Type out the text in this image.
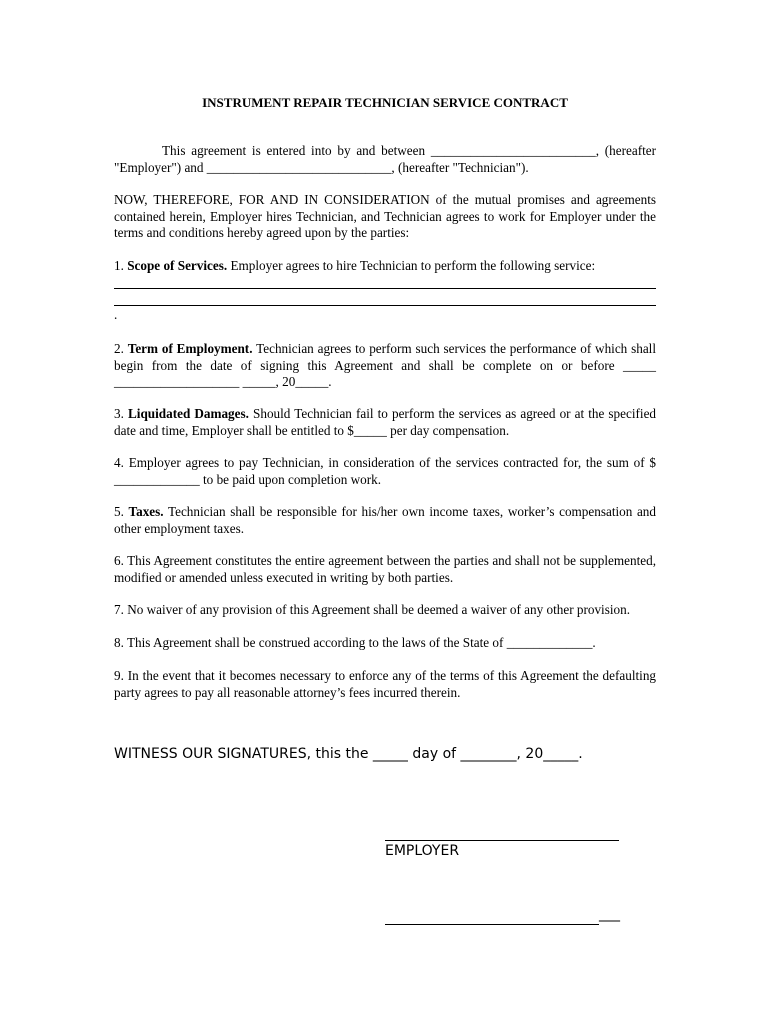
INSTRUMENT REPAIR TECHNICIAN SERVICE CONTRACT

This agreement is entered into by and between _________________________, (hereafter "Employer") and ____________________________, (hereafter "Technician").

NOW, THEREFORE, FOR AND IN CONSIDERATION of the mutual promises and agreements contained herein, Employer hires Technician, and Technician agrees to work for Employer under the terms and conditions hereby agreed upon by the parties:

1. Scope of Services. Employer agrees to hire Technician to perform the following service:

.

2. Term of Employment. Technician agrees to perform such services the performance of which shall begin from the date of signing this Agreement and shall be complete on or before _____ ___________________ _____, 20_____.

3. Liquidated Damages. Should Technician fail to perform the services as agreed or at the specified date and time, Employer shall be entitled to $_____ per day compensation.

4. Employer agrees to pay Technician, in consideration of the services contracted for, the sum of $ _____________ to be paid upon completion work.

5. Taxes. Technician shall be responsible for his/her own income taxes, worker’s compensation and other employment taxes.

6. This Agreement constitutes the entire agreement between the parties and shall not be supplemented, modified or amended unless executed in writing by both parties.

7. No waiver of any provision of this Agreement shall be deemed a waiver of any other provision.

8. This Agreement shall be construed according to the laws of the State of _____________.

9. In the event that it becomes necessary to enforce any of the terms of this Agreement the defaulting party agrees to pay all reasonable attorney’s fees incurred therein.

WITNESS OUR SIGNATURES, this the _____ day of ________, 20_____.

EMPLOYER
___
